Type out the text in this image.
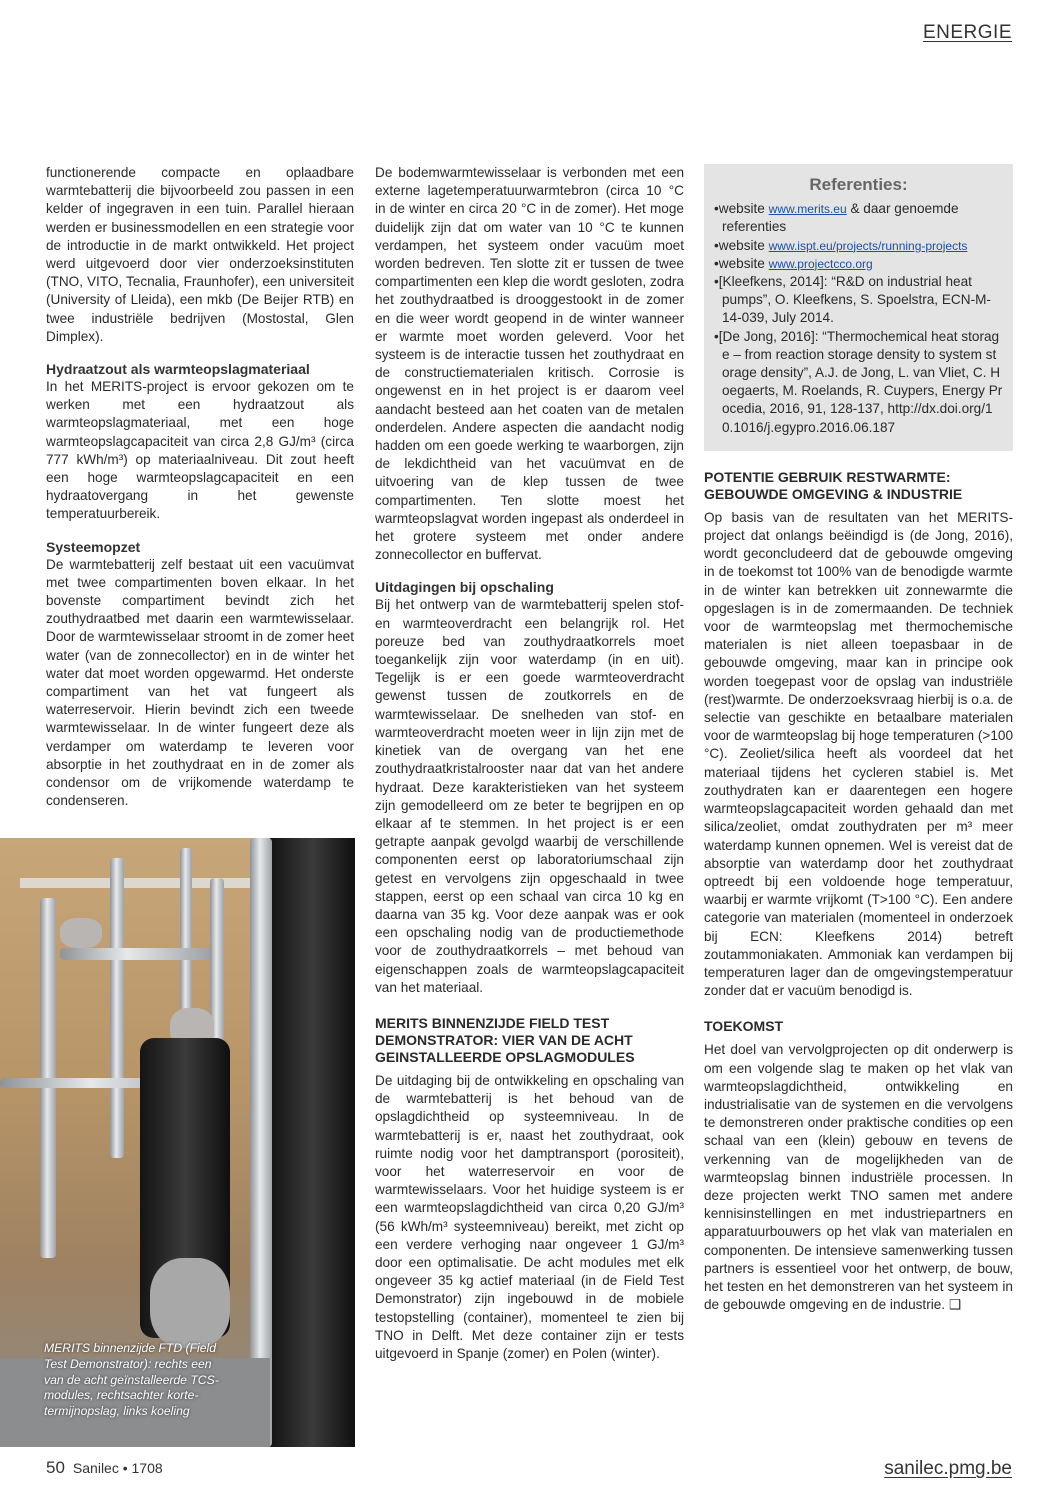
ENERGIE

functionerende compacte en oplaadbare warmtebatterij die bijvoorbeeld zou passen in een kelder of ingegraven in een tuin. Parallel hieraan werden er businessmodellen en een strategie voor de introductie in de markt ontwikkeld. Het project werd uitgevoerd door vier onderzoeksinstituten (TNO, VITO, Tecnalia, Fraunhofer), een universiteit (University of Lleida), een mkb (De Beijer RTB) en twee industriële bedrijven (Mostostal, Glen Dimplex).

Hydraatzout als warmteopslagmateriaal

In het MERITS-project is ervoor gekozen om te werken met een hydraatzout als warmteopslagmateriaal, met een hoge warmteopslagcapaciteit van circa 2,8 GJ/m³ (circa 777 kWh/m³) op materiaalniveau. Dit zout heeft een hoge warmteopslagcapaciteit en een hydraatovergang in het gewenste temperatuurbereik.

Systeemopzet

De warmtebatterij zelf bestaat uit een vacuümvat met twee compartimenten boven elkaar. In het bovenste compartiment bevindt zich het zouthydraatbed met daarin een warmtewisselaar. Door de warmtewisselaar stroomt in de zomer heet water (van de zonnecollector) en in de winter het water dat moet worden opgewarmd. Het onderste compartiment van het vat fungeert als waterreservoir. Hierin bevindt zich een tweede warmtewisselaar. In de winter fungeert deze als verdamper om waterdamp te leveren voor absorptie in het zouthydraat en in de zomer als condensor om de vrijkomende waterdamp te condenseren.

De bodemwarmtewisselaar is verbonden met een externe lagetemperatuurwarmtebron (circa 10 °C in de winter en circa 20 °C in de zomer). Het moge duidelijk zijn dat om water van 10 °C te kunnen verdampen, het systeem onder vacuüm moet worden bedreven. Ten slotte zit er tussen de twee compartimenten een klep die wordt gesloten, zodra het zouthydraatbed is drooggestookt in de zomer en die weer wordt geopend in de winter wanneer er warmte moet worden geleverd. Voor het systeem is de interactie tussen het zouthydraat en de constructiematerialen kritisch. Corrosie is ongewenst en in het project is er daarom veel aandacht besteed aan het coaten van de metalen onderdelen. Andere aspecten die aandacht nodig hadden om een goede werking te waarborgen, zijn de lekdichtheid van het vacuümvat en de uitvoering van de klep tussen de twee compartimenten. Ten slotte moest het warmteopslagvat worden ingepast als onderdeel in het grotere systeem met onder andere zonnecollector en buffervat.

Uitdagingen bij opschaling

Bij het ontwerp van de warmtebatterij spelen stof- en warmteoverdracht een belangrijk rol. Het poreuze bed van zouthydraatkorrels moet toegankelijk zijn voor waterdamp (in en uit). Tegelijk is er een goede warmteoverdracht gewenst tussen de zoutkorrels en de warmtewisselaar. De snelheden van stof- en warmteoverdracht moeten weer in lijn zijn met de kinetiek van de overgang van het ene zouthydraatkristalrooster naar dat van het andere hydraat. Deze karakteristieken van het systeem zijn gemodelleerd om ze beter te begrijpen en op elkaar af te stemmen. In het project is er een getrapte aanpak gevolgd waarbij de verschillende componenten eerst op laboratoriumschaal zijn getest en vervolgens zijn opgeschaald in twee stappen, eerst op een schaal van circa 10 kg en daarna van 35 kg. Voor deze aanpak was er ook een opschaling nodig van de productiemethode voor de zouthydraatkorrels – met behoud van eigenschappen zoals de warmteopslagcapaciteit van het materiaal.

MERITS BINNENZIJDE FIELD TEST DEMONSTRATOR: VIER VAN DE ACHT GEINSTALLEERDE OPSLAGMODULES

De uitdaging bij de ontwikkeling en opschaling van de warmtebatterij is het behoud van de opslagdichtheid op systeemniveau. In de warmtebatterij is er, naast het zouthydraat, ook ruimte nodig voor het damptransport (porositeit), voor het waterreservoir en voor de warmtewisselaars. Voor het huidige systeem is er een warmteopslagdichtheid van circa 0,20 GJ/m³ (56 kWh/m³ systeemniveau) bereikt, met zicht op een verdere verhoging naar ongeveer 1 GJ/m³ door een optimalisatie. De acht modules met elk ongeveer 35 kg actief materiaal (in de Field Test Demonstrator) zijn ingebouwd in de mobiele testopstelling (container), momenteel te zien bij TNO in Delft. Met deze container zijn er tests uitgevoerd in Spanje (zomer) en Polen (winter).

Referenties:
•website www.merits.eu & daar genoemde referenties
•website www.ispt.eu/projects/running-projects
•website www.projectcco.org
•[Kleefkens, 2014]: “R&D on industrial heat pumps”, O. Kleefkens, S. Spoelstra, ECN-M-14-039, July 2014.
•[De Jong, 2016]: “Thermochemical heat storage – from reaction storage density to system storage density”, A.J. de Jong, L. van Vliet, C. Hoegaerts, M. Roelands, R. Cuypers, Energy Procedia, 2016, 91, 128-137, http://dx.doi.org/10.1016/j.egypro.2016.06.187
POTENTIE GEBRUIK RESTWARMTE: GEBOUWDE OMGEVING & INDUSTRIE

Op basis van de resultaten van het MERITS-project dat onlangs beëindigd is (de Jong, 2016), wordt geconcludeerd dat de gebouwde omgeving in de toekomst tot 100% van de benodigde warmte in de winter kan betrekken uit zonnewarmte die opgeslagen is in de zomermaanden. De techniek voor de warmteopslag met thermochemische materialen is niet alleen toepasbaar in de gebouwde omgeving, maar kan in principe ook worden toegepast voor de opslag van industriële (rest)warmte. De onderzoeksvraag hierbij is o.a. de selectie van geschikte en betaalbare materialen voor de warmteopslag bij hoge temperaturen (>100 °C). Zeoliet/silica heeft als voordeel dat het materiaal tijdens het cycleren stabiel is. Met zouthydraten kan er daarentegen een hogere warmteopslagcapaciteit worden gehaald dan met silica/zeoliet, omdat zouthydraten per m³ meer waterdamp kunnen opnemen. Wel is vereist dat de absorptie van waterdamp door het zouthydraat optreedt bij een voldoende hoge temperatuur, waarbij er warmte vrijkomt (T>100 °C). Een andere categorie van materialen (momenteel in onderzoek bij ECN: Kleefkens 2014) betreft zoutammoniakaten. Ammoniak kan verdampen bij temperaturen lager dan de omgevingstemperatuur zonder dat er vacuüm benodigd is.

TOEKOMST

Het doel van vervolgprojecten op dit onderwerp is om een volgende slag te maken op het vlak van warmteopslagdichtheid, ontwikkeling en industrialisatie van de systemen en die vervolgens te demonstreren onder praktische condities op een schaal van een (klein) gebouw en tevens de verkenning van de mogelijkheden van de warmteopslag binnen industriële processen. In deze projecten werkt TNO samen met andere kennisinstellingen en met industriepartners en apparatuurbouwers op het vlak van materialen en componenten. De intensieve samenwerking tussen partners is essentieel voor het ontwerp, de bouw, het testen en het demonstreren van het systeem in de gebouwde omgeving en de industrie. ❑

MERITS binnenzijde FTD (Field Test Demonstrator): rechts een van de acht geïnstalleerde TCS-modules, rechtsachter korte-termijnopslag, links koeling
50 Sanilec • 1708	sanilec.pmg.be
